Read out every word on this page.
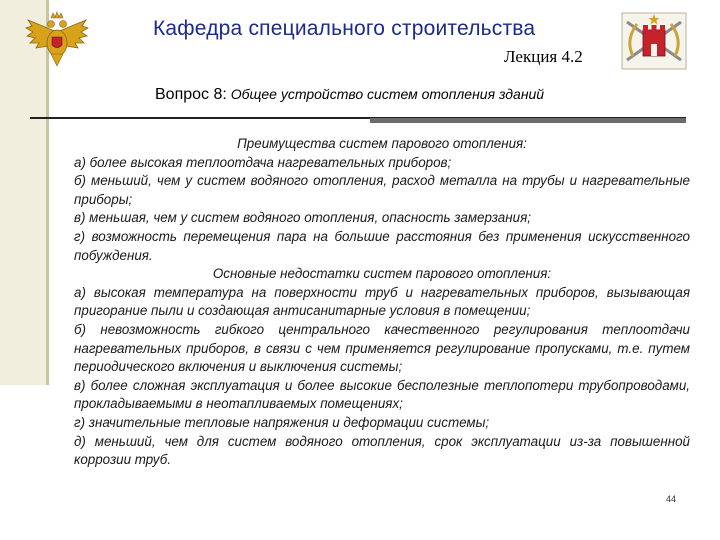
Кафедра специального строительства
Лекция 4.2
Вопрос 8: Общее устройство систем отопления зданий

Преимущества систем парового отопления:

а) более высокая теплоотдача нагревательных приборов;

б) меньший, чем у систем водяного отопления, расход металла на трубы и нагревательные приборы;

в) меньшая, чем у систем водяного отопления, опасность замерзания;

г) возможность перемещения пара на большие расстояния без применения искусственного побуждения.

Основные недостатки систем парового отопления:

а) высокая температура на поверхности труб и нагревательных приборов, вызывающая пригорание пыли и создающая антисанитарные условия в помещении;

б) невозможность гибкого центрального качественного регулирования теплоотдачи нагревательных приборов, в связи с чем применяется регулирование пропусками, т.е. путем периодического включения и выключения системы;

в) более сложная эксплуатация и более высокие бесполезные теплопотери трубопроводами, прокладываемыми в неотапливаемых помещениях;

г) значительные тепловые напряжения и деформации системы;

д) меньший, чем для систем водяного отопления, срок эксплуатации из-за повышенной коррозии труб.

44
